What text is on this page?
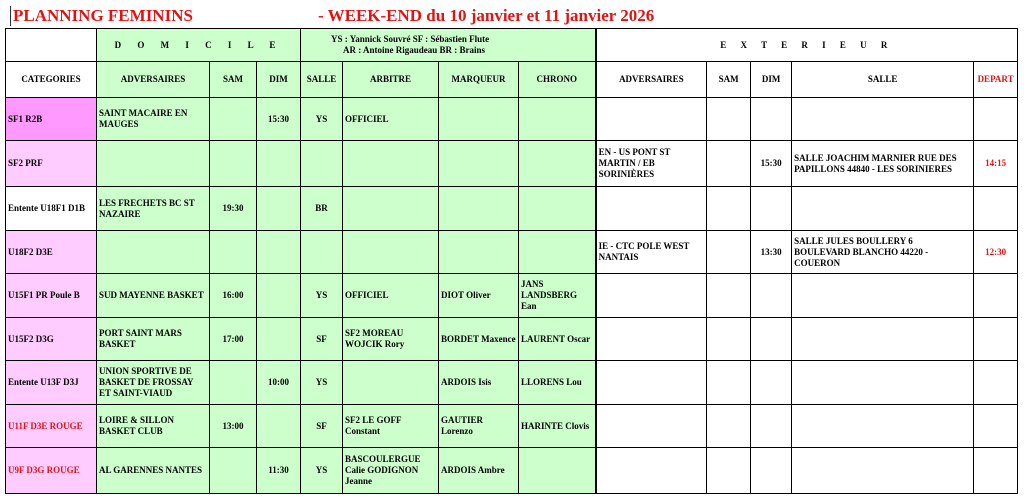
PLANNING FEMININS	- WEEK-END du 10 janvier et 11 janvier 2026
	D O M I C I L E			YS : Yannick Souvré SF : Sébastien Flute
AR : Antoine Rigaudeau BR : Brains				E X T E R I E U R				
CATEGORIES	ADVERSAIRES	SAM	DIM	SALLE	ARBITRE	MARQUEUR	CHRONO	ADVERSAIRES	SAM	DIM	SALLE	DEPART
SF1 R2B	SAINT MACAIRE EN MAUGES		15:30	YS	OFFICIEL							
SF2 PRF								EN - US PONT ST MARTIN / EB SORINIÈRES		15:30	SALLE JOACHIM MARNIER RUE DES PAPILLONS 44840 - LES SORINIERES	14:15
Entente U18F1 D1B	LES FRECHETS BC ST NAZAIRE	19:30		BR								
U18F2 D3E								IE - CTC POLE WEST NANTAIS		13:30	SALLE JULES BOULLERY 6 BOULEVARD BLANCHO 44220 - COUERON	12:30
U15F1 PR Poule B	SUD MAYENNE BASKET	16:00		YS	OFFICIEL	DIOT Oliver	JANS LANDSBERG Ean					
U15F2 D3G	PORT SAINT MARS BASKET	17:00		SF	SF2 MOREAU WOJCIK Rory	BORDET Maxence	LAURENT Oscar					
Entente U13F D3J	UNION SPORTIVE DE BASKET DE FROSSAY ET SAINT-VIAUD		10:00	YS		ARDOIS Isis	LLORENS Lou					
U11F D3E ROUGE	LOIRE & SILLON BASKET CLUB	13:00		SF	SF2 LE GOFF Constant	GAUTIER Lorenzo	HARINTE Clovis					
U9F D3G ROUGE	AL GARENNES NANTES		11:30	YS	BASCOULERGUE Calie GODIGNON Jeanne	ARDOIS Ambre						
